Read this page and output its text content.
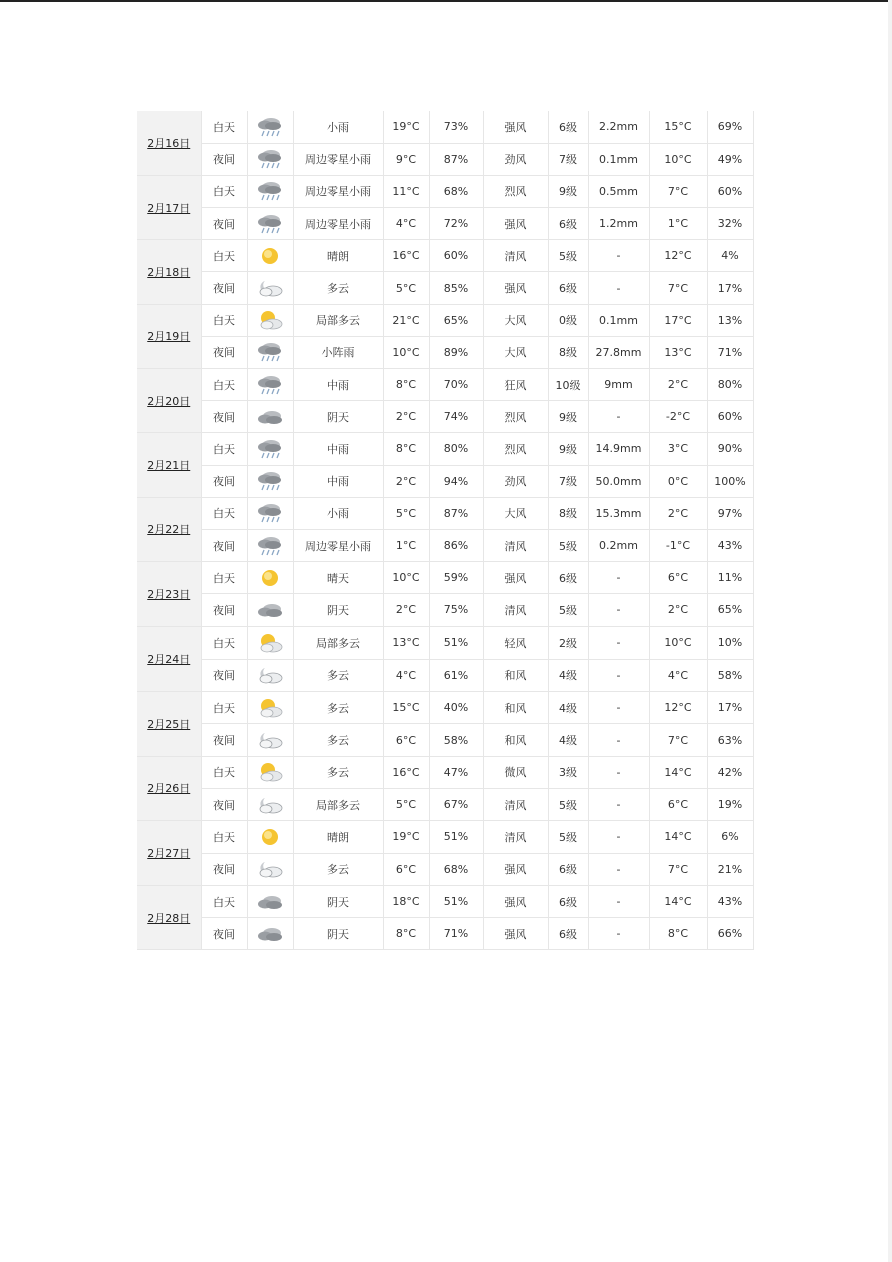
2月16日	白天		小雨	19°C	73%	强风	6级	2.2mm	15°C	69%
	夜间		周边零星小雨	9°C	87%	劲风	7级	0.1mm	10°C	49%
2月17日	白天		周边零星小雨	11°C	68%	烈风	9级	0.5mm	7°C	60%
	夜间		周边零星小雨	4°C	72%	强风	6级	1.2mm	1°C	32%
2月18日	白天		晴朗	16°C	60%	清风	5级	-	12°C	4%
	夜间		多云	5°C	85%	强风	6级	-	7°C	17%
2月19日	白天		局部多云	21°C	65%	大风	0级	0.1mm	17°C	13%
	夜间		小阵雨	10°C	89%	大风	8级	27.8mm	13°C	71%
2月20日	白天		中雨	8°C	70%	狂风	10级	9mm	2°C	80%
	夜间		阴天	2°C	74%	烈风	9级	-	-2°C	60%
2月21日	白天		中雨	8°C	80%	烈风	9级	14.9mm	3°C	90%
	夜间		中雨	2°C	94%	劲风	7级	50.0mm	0°C	100%
2月22日	白天		小雨	5°C	87%	大风	8级	15.3mm	2°C	97%
	夜间		周边零星小雨	1°C	86%	清风	5级	0.2mm	-1°C	43%
2月23日	白天		晴天	10°C	59%	强风	6级	-	6°C	11%
	夜间		阴天	2°C	75%	清风	5级	-	2°C	65%
2月24日	白天		局部多云	13°C	51%	轻风	2级	-	10°C	10%
	夜间		多云	4°C	61%	和风	4级	-	4°C	58%
2月25日	白天		多云	15°C	40%	和风	4级	-	12°C	17%
	夜间		多云	6°C	58%	和风	4级	-	7°C	63%
2月26日	白天		多云	16°C	47%	微风	3级	-	14°C	42%
	夜间		局部多云	5°C	67%	清风	5级	-	6°C	19%
2月27日	白天		晴朗	19°C	51%	清风	5级	-	14°C	6%
	夜间		多云	6°C	68%	强风	6级	-	7°C	21%
2月28日	白天		阴天	18°C	51%	强风	6级	-	14°C	43%
	夜间		阴天	8°C	71%	强风	6级	-	8°C	66%
